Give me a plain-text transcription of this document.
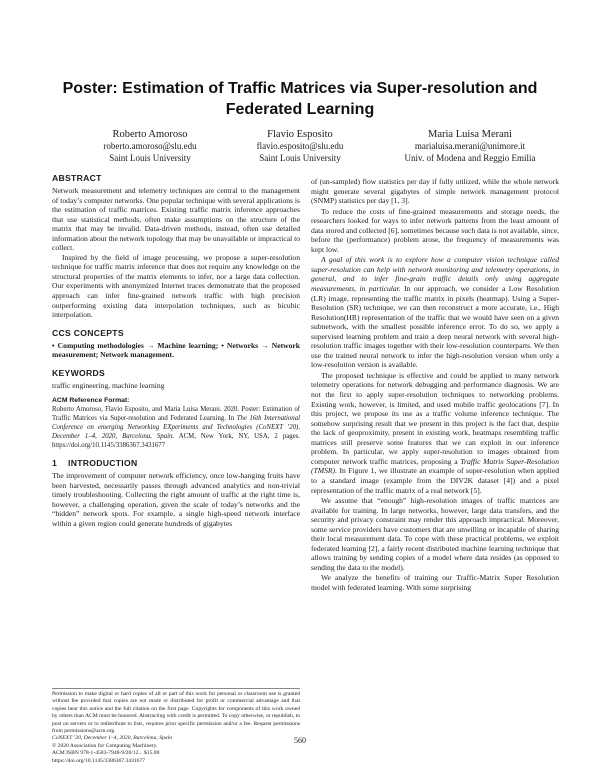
Poster: Estimation of Traffic Matrices via Super-resolution and Federated Learning
Roberto Amoroso
roberto.amoroso@slu.edu
Saint Louis University
Flavio Esposito
flavio.esposito@slu.edu
Saint Louis University
Maria Luisa Merani
marialuisa.merani@unimore.it
Univ. of Modena and Reggio Emilia
ABSTRACT

Network measurement and telemetry techniques are central to the management of today’s computer networks. One popular technique with several applications is the estimation of traffic matrices. Existing traffic matrix inference approaches that use statistical methods, often make assumptions on the structure of the matrix that may be invalid. Data-driven methods, instead, often use detailed information about the network topology that may be unavailable or impractical to collect.

Inspired by the field of image processing, we propose a super-resolution technique for traffic matrix inference that does not require any knowledge on the structural properties of the matrix elements to infer, nor a large data collection. Our experiments with anonymized Internet traces demonstrate that the proposed approach can infer fine-grained network traffic with high precision outperforming existing data interpolation techniques, such as bicubic interpolation.

CCS CONCEPTS

• Computing methodologies → Machine learning; • Networks → Network measurement; Network management.

KEYWORDS

traffic engineering, machine learning

ACM Reference Format:

Roberto Amoroso, Flavio Esposito, and Maria Luisa Merani. 2020. Poster: Estimation of Traffic Matrices via Super-resolution and Federated Learning. In The 16th International Conference on emerging Networking EXperiments and Technologies (CoNEXT ’20), December 1–4, 2020, Barcelona, Spain. ACM, New York, NY, USA, 2 pages. https://doi.org/10.1145/3386367.3431677

1 INTRODUCTION

The improvement of computer network efficiency, once low-hanging fruits have been harvested, necessarily passes through advanced analytics and non-trivial timely troubleshooting. Collecting the right amount of traffic at the right time is, however, a challenging operation, given the scale of today’s networks and the “hidden” network spots. For example, a single high-speed network interface within a given region could generate hundreds of gigabytes

Permission to make digital or hard copies of all or part of this work for personal or classroom use is granted without fee provided that copies are not made or distributed for profit or commercial advantage and that copies bear this notice and the full citation on the first page. Copyrights for components of this work owned by others than ACM must be honored. Abstracting with credit is permitted. To copy otherwise, or republish, to post on servers or to redistribute to lists, requires prior specific permission and/or a fee. Request permissions from permissions@acm.org.

CoNEXT ’20, December 1–4, 2020, Barcelona, Spain

© 2020 Association for Computing Machinery.

ACM ISBN 978-1-4503-7948-9/20/12... $15.00

https://doi.org/10.1145/3386367.3431677

of (un-sampled) flow statistics per day if fully utilized, while the whole network might generate several gigabytes of simple network management protocol (SNMP) statistics per day [1, 3].

To reduce the costs of fine-grained measurements and storage needs, the researchers looked for ways to infer network patterns from the least amount of data stored and collected [6], sometimes because such data is not available, since, before the (performance) problem arose, the frequency of measurements was kept low.

A goal of this work is to explore how a computer vision technique called super-resolution can help with network monitoring and telemetry operations, in general, and to infer fine-grain traffic details only using aggregate measurements, in particular. In our approach, we consider a Low Resolution (LR) image, representing the traffic matrix in pixels (heatmap). Using a Super-Resolution (SR) technique, we can then reconstruct a more accurate, i.e., High Resolution(HR) representation of the traffic that we would have seen on a given subnetwork, with the smallest possible inference error. To do so, we apply a supervised learning problem and train a deep neural network with several high-resolution traffic images together with their low-resolution counterparts. We then use the trained neural network to infer the high-resolution version when only a low-resolution version is available.

The proposed technique is effective and could be applied to many network telemetry operations for network debugging and performance diagnosis. We are not the first to apply super-resolution techniques to networking problems. Existing work, however, is limited, and used mobile traffic geolocations [7]. In this project, we propose its use as a traffic volume inference technique. The somehow surprising result that we present in this project is the fact that, despite the lack of geoproximity, present in existing work, heatmaps resembling traffic matrices still preserve some features that we can exploit in our inference problem. In particular, we apply super-resolution to images obtained from computer network traffic matrices, proposing a Traffic Matrix Super-Resolution (TMSR). In Figure 1, we illustrate an example of super-resolution when applied to a standard image (example from the DIV2K dataset [4]) and a pixel representation of the traffic matrix of a real network [5].

We assume that “enough” high-resolution images of traffic matrices are available for training. In large networks, however, large data transfers, and the security and privacy constraint may render this approach impractical. Moreover, some service providers have customers that are unwilling or incapable of sharing their local measurement data. To cope with these practical problems, we exploit federated learning [2], a fairly recent distributed machine learning technique that allows training by sending copies of a model where data resides (as opposed to sending the data to the model).

We analyze the benefits of training our Traffic-Matrix Super Resolution model with federated learning. With some surprising

560
